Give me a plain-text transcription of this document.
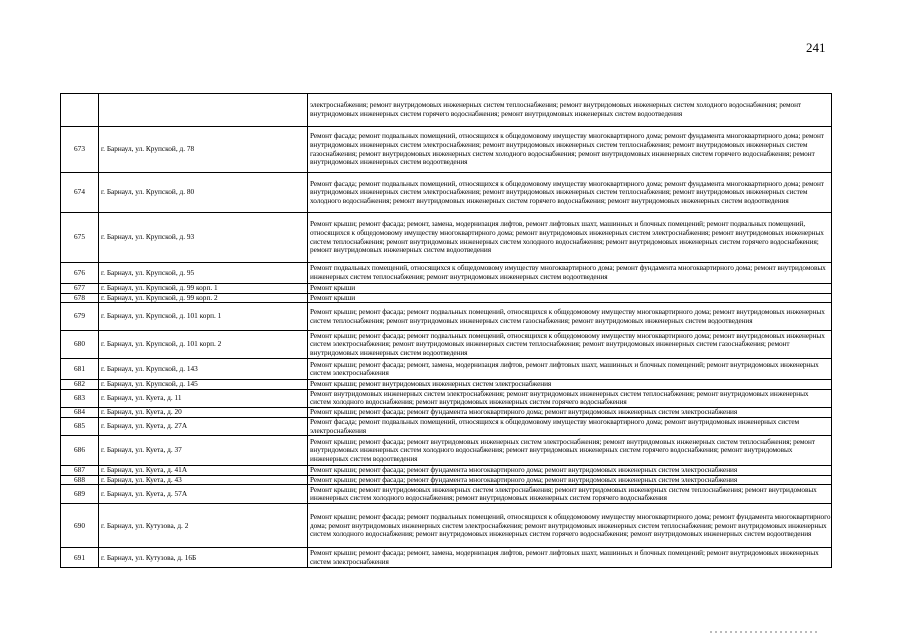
241
		электроснабжения; ремонт внутридомовых инженерных систем теплоснабжения; ремонт внутридомовых инженерных систем холодного водоснабжения; ремонт внутридомовых инженерных систем горячего водоснабжения; ремонт внутридомовых инженерных систем водоотведения
673	г. Барнаул, ул. Крупской, д. 78	Ремонт фасада; ремонт подвальных помещений, относящихся к общедомовому имуществу многоквартирного дома; ремонт фундамента многоквартирного дома; ремонт внутридомовых инженерных систем электроснабжения; ремонт внутридомовых инженерных систем теплоснабжения; ремонт внутридомовых инженерных систем газоснабжения; ремонт внутридомовых инженерных систем холодного водоснабжения; ремонт внутридомовых инженерных систем горячего водоснабжения; ремонт внутридомовых инженерных систем водоотведения
674	г. Барнаул, ул. Крупской, д. 80	Ремонт фасада; ремонт подвальных помещений, относящихся к общедомовому имуществу многоквартирного дома; ремонт фундамента многоквартирного дома; ремонт внутридомовых инженерных систем электроснабжения; ремонт внутридомовых инженерных систем теплоснабжения; ремонт внутридомовых инженерных систем холодного водоснабжения; ремонт внутридомовых инженерных систем горячего водоснабжения; ремонт внутридомовых инженерных систем водоотведения
675	г. Барнаул, ул. Крупской, д. 93	Ремонт крыши; ремонт фасада; ремонт, замена, модернизация лифтов, ремонт лифтовых шахт, машинных и блочных помещений; ремонт подвальных помещений, относящихся к общедомовому имуществу многоквартирного дома; ремонт внутридомовых инженерных систем электроснабжения; ремонт внутридомовых инженерных систем теплоснабжения; ремонт внутридомовых инженерных систем холодного водоснабжения; ремонт внутридомовых инженерных систем горячего водоснабжения; ремонт внутридомовых инженерных систем водоотведения
676	г. Барнаул, ул. Крупской, д. 95	Ремонт подвальных помещений, относящихся к общедомовому имуществу многоквартирного дома; ремонт фундамента многоквартирного дома; ремонт внутридомовых инженерных систем теплоснабжения; ремонт внутридомовых инженерных систем водоотведения
677	г. Барнаул, ул. Крупской, д. 99 корп. 1	Ремонт крыши
678	г. Барнаул, ул. Крупской, д. 99 корп. 2	Ремонт крыши
679	г. Барнаул, ул. Крупской, д. 101 корп. 1	Ремонт крыши; ремонт фасада; ремонт подвальных помещений, относящихся к общедомовому имуществу многоквартирного дома; ремонт внутридомовых инженерных систем теплоснабжения; ремонт внутридомовых инженерных систем газоснабжения; ремонт внутридомовых инженерных систем водоотведения
680	г. Барнаул, ул. Крупской, д. 101 корп. 2	Ремонт крыши; ремонт фасада; ремонт подвальных помещений, относящихся к общедомовому имуществу многоквартирного дома; ремонт внутридомовых инженерных систем электроснабжения; ремонт внутридомовых инженерных систем теплоснабжения; ремонт внутридомовых инженерных систем газоснабжения; ремонт внутридомовых инженерных систем водоотведения
681	г. Барнаул, ул. Крупской, д. 143	Ремонт крыши; ремонт фасада; ремонт, замена, модернизация лифтов, ремонт лифтовых шахт, машинных и блочных помещений; ремонт внутридомовых инженерных систем электроснабжения
682	г. Барнаул, ул. Крупской, д. 145	Ремонт крыши; ремонт внутридомовых инженерных систем электроснабжения
683	г. Барнаул, ул. Куета, д. 11	Ремонт внутридомовых инженерных систем электроснабжения; ремонт внутридомовых инженерных систем теплоснабжения; ремонт внутридомовых инженерных систем холодного водоснабжения; ремонт внутридомовых инженерных систем горячего водоснабжения
684	г. Барнаул, ул. Куета, д. 20	Ремонт крыши; ремонт фасада; ремонт фундамента многоквартирного дома; ремонт внутридомовых инженерных систем электроснабжения
685	г. Барнаул, ул. Куета, д. 27А	Ремонт фасада; ремонт подвальных помещений, относящихся к общедомовому имуществу многоквартирного дома; ремонт внутридомовых инженерных систем электроснабжения
686	г. Барнаул, ул. Куета, д. 37	Ремонт крыши; ремонт фасада; ремонт внутридомовых инженерных систем электроснабжения; ремонт внутридомовых инженерных систем теплоснабжения; ремонт внутридомовых инженерных систем холодного водоснабжения; ремонт внутридомовых инженерных систем горячего водоснабжения; ремонт внутридомовых инженерных систем водоотведения
687	г. Барнаул, ул. Куета, д. 41А	Ремонт крыши; ремонт фасада; ремонт фундамента многоквартирного дома; ремонт внутридомовых инженерных систем электроснабжения
688	г. Барнаул, ул. Куета, д. 43	Ремонт крыши; ремонт фасада; ремонт фундамента многоквартирного дома; ремонт внутридомовых инженерных систем электроснабжения
689	г. Барнаул, ул. Куета, д. 57А	Ремонт крыши; ремонт внутридомовых инженерных систем электроснабжения; ремонт внутридомовых инженерных систем теплоснабжения; ремонт внутридомовых инженерных систем холодного водоснабжения; ремонт внутридомовых инженерных систем горячего водоснабжения
690	г. Барнаул, ул. Кутузова, д. 2	Ремонт крыши; ремонт фасада; ремонт подвальных помещений, относящихся к общедомовому имуществу многоквартирного дома; ремонт фундамента многоквартирного дома; ремонт внутридомовых инженерных систем электроснабжения; ремонт внутридомовых инженерных систем теплоснабжения; ремонт внутридомовых инженерных систем холодного водоснабжения; ремонт внутридомовых инженерных систем горячего водоснабжения; ремонт внутридомовых инженерных систем водоотведения
691	г. Барнаул, ул. Кутузова, д. 16Б	Ремонт крыши; ремонт фасада; ремонт, замена, модернизация лифтов, ремонт лифтовых шахт, машинных и блочных помещений; ремонт внутридомовых инженерных систем электроснабжения
